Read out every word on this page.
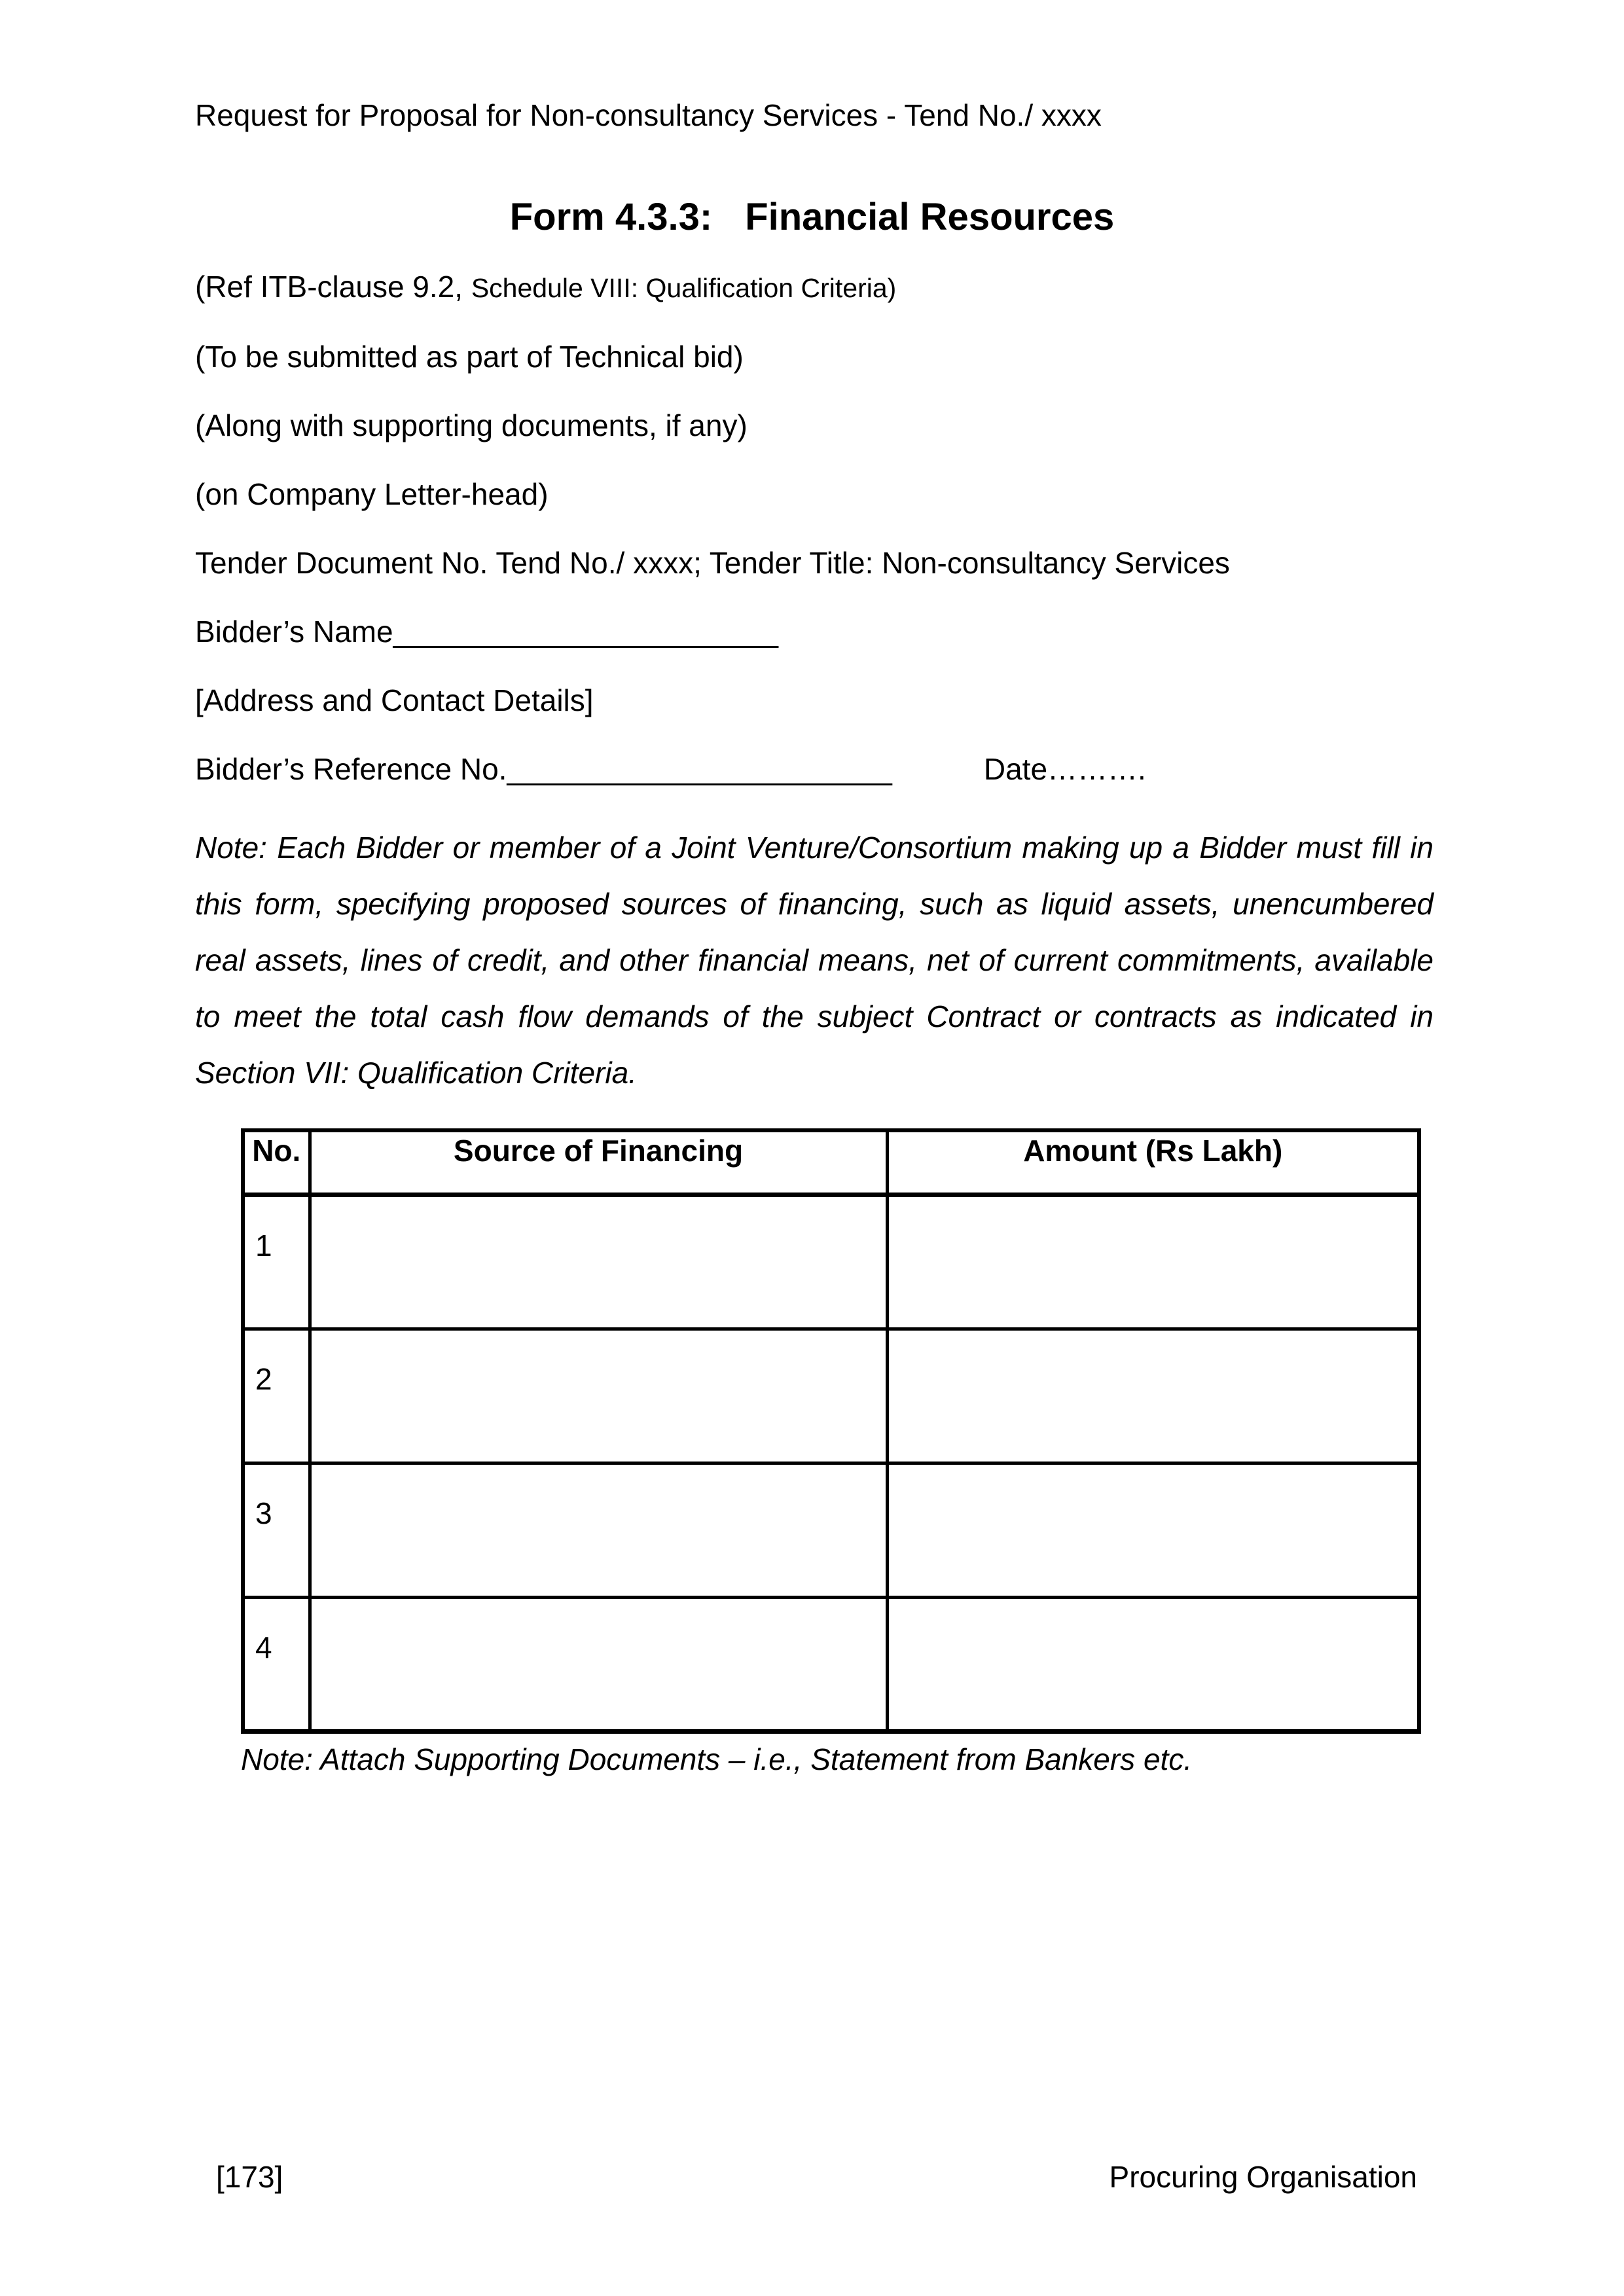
Request for Proposal for Non-consultancy Services - Tend No./ xxxx
Form 4.3.3: Financial Resources

(Ref ITB-clause 9.2, Schedule VIII: Qualification Criteria)

(To be submitted as part of Technical bid)

(Along with supporting documents, if any)

(on Company Letter-head)

Tender Document No. Tend No./ xxxx; Tender Title: Non-consultancy Services

Bidder’s Name_______________________

[Address and Contact Details]

Bidder’s Reference No._______________________	Date……….

Note: Each Bidder or member of a Joint Venture/Consortium making up a Bidder must fill in this form, specifying proposed sources of financing, such as liquid assets, unencumbered real assets, lines of credit, and other financial means, net of current commitments, available to meet the total cash flow demands of the subject Contract or contracts as indicated in Section VII: Qualification Criteria.
No.	Source of Financing	Amount (Rs Lakh)
1		
2		
3		
4		
Note: Attach Supporting Documents – i.e., Statement from Bankers etc.
[173]	Procuring Organisation
